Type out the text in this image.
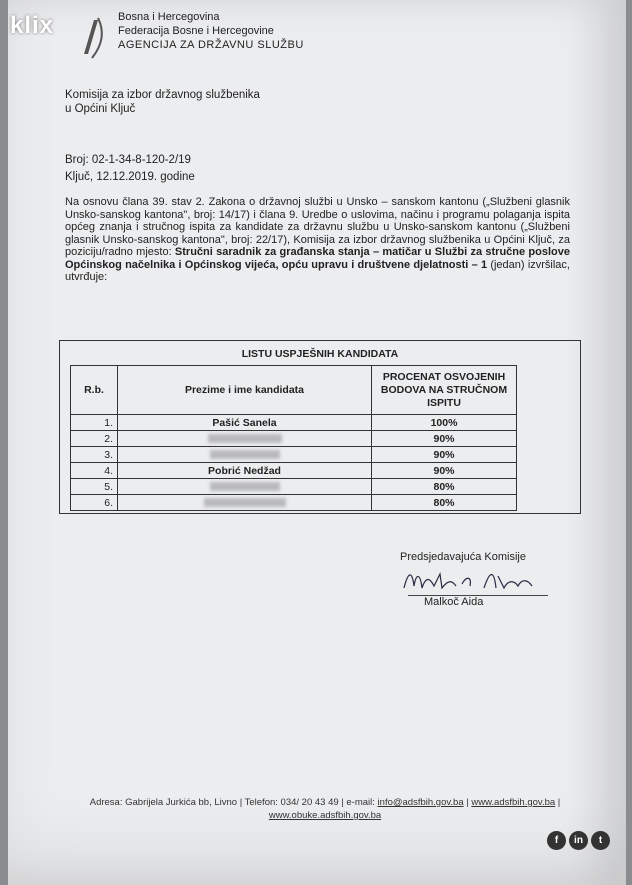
Bosna i Hercegovina
Federacija Bosne i Hercegovine
AGENCIJA ZA DRŽAVNU SLUŽBU
Komisija za izbor državnog službenika
u Općini Ključ
Broj: 02-1-34-8-120-2/19
Ključ, 12.12.2019. godine
Na osnovu člana 39. stav 2. Zakona o državnoj službi u Unsko – sanskom kantonu („Službeni glasnik Unsko-sanskog kantona", broj: 14/17) i člana 9. Uredbe o uslovima, načinu i programu polaganja ispita općeg znanja i stručnog ispita za kandidate za državnu službu u Unsko-sanskom kantonu („Službeni glasnik Unsko-sanskog kantona", broj: 22/17), Komisija za izbor državnog službenika u Općini Ključ, za poziciju/radno mjesto: Stručni saradnik za građanska stanja – matičar u Službi za stručne poslove Općinskog načelnika i Općinskog vijeća, opću upravu i društvene djelatnosti – 1 (jedan) izvršilac, utvrđuje:
LISTU USPJEŠNIH KANDIDATA
R.b.	Prezime i ime kandidata	PROCENAT OSVOJENIH BODOVA NA STRUČNOM ISPITU
1.	Pašić Sanela	100%
2.		90%
3.		90%
4.	Pobrić Nedžad	90%
5.		80%
6.		80%
Predsjedavajuća Komisije
Malkoč Aida
Adresa: Gabrijela Jurkića bb, Livno | Telefon: 034/ 20 43 49 | e-mail: info@adsfbih.gov.ba | www.adsfbih.gov.ba |
www.obuke.adsfbih.gov.ba
klix
f	in	t
